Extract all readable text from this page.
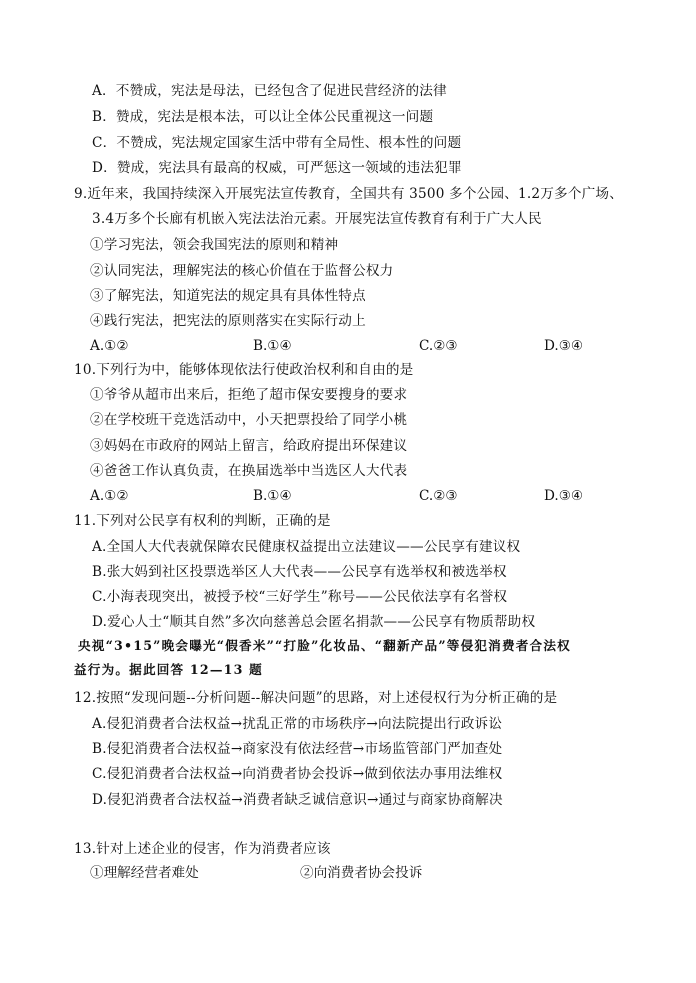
A．不赞成，宪法是母法，已经包含了促进民营经济的法律
B．赞成，宪法是根本法，可以让全体公民重视这一问题
C．不赞成，宪法规定国家生活中带有全局性、根本性的问题
D．赞成，宪法具有最高的权威，可严惩这一领域的违法犯罪
9.近年来，我国持续深入开展宪法宣传教育，全国共有 3500 多个公园、1.2万多个广场、
3.4万多个长廊有机嵌入宪法法治元素。开展宪法宣传教育有利于广大人民
①学习宪法，领会我国宪法的原则和精神
②认同宪法，理解宪法的核心价值在于监督公权力
③了解宪法，知道宪法的规定具有具体性特点
④践行宪法，把宪法的原则落实在实际行动上
A.①②	B.①④	C.②③	D.③④
10.下列行为中，能够体现依法行使政治权利和自由的是
①爷爷从超市出来后，拒绝了超市保安要搜身的要求
②在学校班干竞选活动中，小天把票投给了同学小桃
③妈妈在市政府的网站上留言，给政府提出环保建议
④爸爸工作认真负责，在换届选举中当选区人大代表
A.①②	B.①④	C.②③	D.③④
11.下列对公民享有权利的判断，正确的是
A.全国人大代表就保障农民健康权益提出立法建议——公民享有建议权
B.张大妈到社区投票选举区人大代表——公民享有选举权和被选举权
C.小海表现突出，被授予校“三好学生”称号——公民依法享有名誉权
D.爱心人士“顺其自然”多次向慈善总会匿名捐款——公民享有物质帮助权
央视“3•15”晚会曝光“假香米”“打脸”化妆品、“翻新产品”等侵犯消费者合法权
益行为。据此回答 12—13 题
12.按照“发现问题--分析问题--解决问题”的思路，对上述侵权行为分析正确的是
A.侵犯消费者合法权益→扰乱正常的市场秩序→向法院提出行政诉讼
B.侵犯消费者合法权益→商家没有依法经营→市场监管部门严加查处
C.侵犯消费者合法权益→向消费者协会投诉→做到依法办事用法维权
D.侵犯消费者合法权益→消费者缺乏诚信意识→通过与商家协商解决
13.针对上述企业的侵害，作为消费者应该
①理解经营者难处	②向消费者协会投诉
